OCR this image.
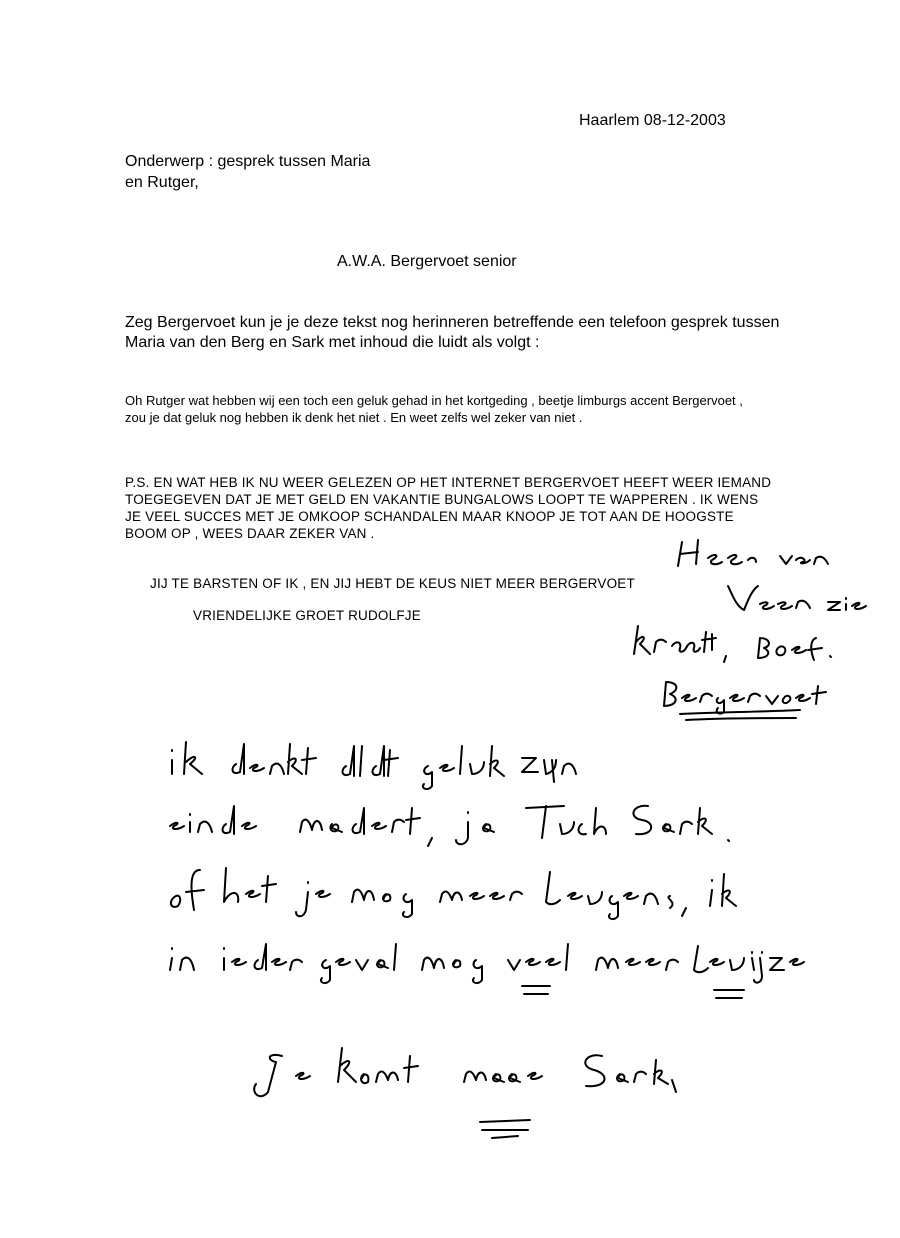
Haarlem 08-12-2003
Onderwerp : gesprek tussen Maria
en Rutger,
A.W.A. Bergervoet senior
Zeg Bergervoet kun je je deze tekst nog herinneren betreffende een telefoon gesprek tussen Maria van den Berg en Sark met inhoud die luidt als volgt :
Oh Rutger wat hebben wij een toch een geluk gehad in het kortgeding , beetje limburgs accent Bergervoet , zou je dat geluk nog hebben ik denk het niet . En weet zelfs wel zeker van niet .
P.S. EN WAT HEB IK NU WEER GELEZEN OP HET INTERNET BERGERVOET HEEFT WEER IEMAND TOEGEGEVEN DAT JE MET GELD EN VAKANTIE BUNGALOWS LOOPT TE WAPPEREN . IK WENS JE VEEL SUCCES MET JE OMKOOP SCHANDALEN MAAR KNOOP JE TOT AAN DE HOOGSTE BOOM OP , WEES DAAR ZEKER VAN .
JIJ TE BARSTEN OF IK , EN JIJ HEBT DE KEUS NIET MEER BERGERVOET
VRIENDELIJKE GROET RUDOLFJE
